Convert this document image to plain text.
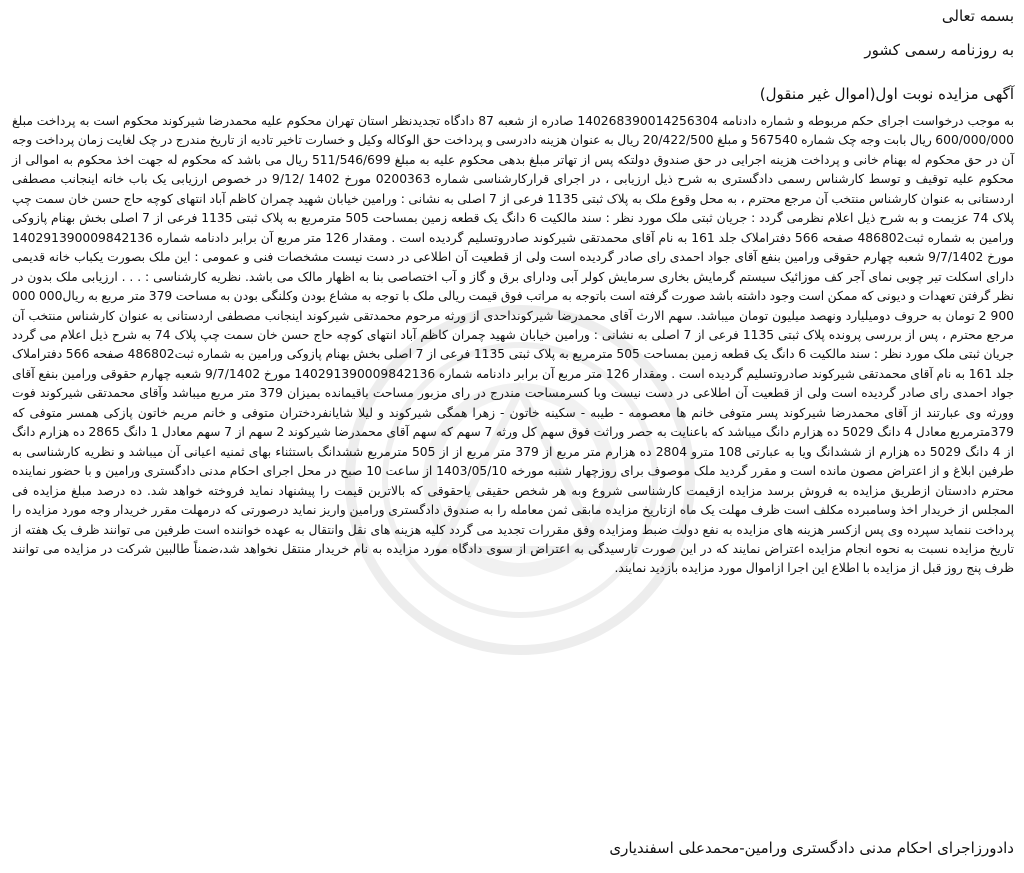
بسمه تعالی
به روزنامه رسمی کشور
آگهی مزایده نوبت اول(اموال غیر منقول)

به موجب درخواست اجرای حکم مربوطه و شماره دادنامه 140268390014256304 صادره از شعبه 87 دادگاه تجدیدنظر استان تهران محکوم علیه محمدرضا شیرکوند محکوم است به پرداخت مبلغ 600/000/000 ریال بابت وجه چک شماره 567540 و مبلغ 20/422/500 ریال به عنوان هزینه دادرسی و پرداخت حق الوکاله وکیل و خسارت تاخیر تادیه از تاریخ مندرج در چک لغایت زمان پرداخت وجه آن در حق محکوم له بهنام خانی و پرداخت هزینه اجرایی در حق صندوق دولتکه پس از تهاتر مبلغ بدهی محکوم علیه به مبلغ 511/546/699 ریال می باشد که محکوم له جهت اخذ محکوم به اموالی از محکوم علیه توقیف و توسط کارشناس رسمی دادگستری به شرح ذیل ارزیابی ، در اجرای قرارکارشناسی شماره 0200363 مورخ 1402 /9/12 در خصوص ارزیابی یک باب خانه اینجانب مصطفی اردستانی به عنوان کارشناس منتخب آن مرجع محترم ، به محل وقوع ملک به پلاک ثبتی 1135 فرعی از 7 اصلی به نشانی : ورامین خیابان شهید چمران کاظم آباد انتهای کوچه حاج حسن خان سمت چپ پلاک 74 عزیمت و به شرح ذیل اعلام نظرمی گردد : جریان ثبتی ملک مورد نظر : سند مالکیت 6 دانگ یک قطعه زمین بمساحت 505 مترمربع به پلاک ثبتی 1135 فرعی از 7 اصلی بخش بهنام پازوکی ورامین به شماره ثبت486802 صفحه 566 دفتراملاک جلد 161 به نام آقای محمدتقی شیرکوند صادروتسلیم گردیده است . ومقدار 126 متر مربع آن برابر دادنامه شماره 140291390009842136 مورخ 9/7/1402 شعبه چهارم حقوقی ورامین بنفع آقای جواد احمدی رای صادر گردیده است ولی از قطعیت آن اطلاعی در دست نیست مشخصات فنی و عمومی : این ملک بصورت یکباب خانه قدیمی دارای اسکلت تیر چوبی نمای آجر کف موزائیک سیستم گرمایش بخاری سرمایش کولر آبی ودارای برق و گاز و آب اختصاصی بنا به اظهار مالک می باشد. نظریه کارشناسی : . . . ارزیابی ملک بدون در نظر گرفتن تعهدات و دیونی که ممکن است وجود داشته باشد صورت گرفته است باتوجه به مراتب فوق قیمت ریالی ملک با توجه به مشاع بودن وکلنگی بودن به مساحت 379 متر مربع به ریال000 000 900 2 تومان به حروف دومیلیارد ونهصد میلیون تومان میباشد. سهم الارث آقای محمدرضا شیرکونداحدی از ورثه مرحوم محمدتقی شیرکوند اینجانب مصطفی اردستانی به عنوان کارشناس منتخب آن مرجع محترم ، پس از بررسی پرونده پلاک ثبتی 1135 فرعی از 7 اصلی به نشانی : ورامین خیابان شهید چمران کاظم آباد انتهای کوچه حاج حسن خان سمت چپ پلاک 74 به شرح ذیل اعلام می گردد جریان ثبتی ملک مورد نظر : سند مالکیت 6 دانگ یک قطعه زمین بمساحت 505 مترمربع به پلاک ثبتی 1135 فرعی از 7 اصلی بخش بهنام پازوکی ورامین به شماره ثبت486802 صفحه 566 دفتراملاک جلد 161 به نام آقای محمدتقی شیرکوند صادروتسلیم گردیده است . ومقدار 126 متر مربع آن برابر دادنامه شماره 140291390009842136 مورخ 9/7/1402 شعبه چهارم حقوقی ورامین بنفع آقای جواد احمدی رای صادر گردیده است ولی از قطعیت آن اطلاعی در دست نیست وبا کسرمساحت مندرج در رای مزبور مساحت باقیمانده بمیزان 379 متر مربع میباشد وآقای محمدتقی شیرکوند فوت وورثه وی عبارتند از آقای محمدرضا شیرکوند پسر متوفی خانم ها معصومه - طیبه - سکینه خاتون - زهرا همگی شیرکوند و لیلا شایانفردختران متوفی و خانم مریم خاتون پازکی همسر متوفی که 379مترمربع معادل 4 دانگ 5029 ده هزارم دانگ میباشد که باعنایت به حصر وراثت فوق سهم کل ورثه 7 سهم که سهم آقای محمدرضا شیرکوند 2 سهم از 7 سهم معادل 1 دانگ 2865 ده هزارم دانگ از 4 دانگ 5029 ده هزارم از ششدانگ ویا به عبارتی 108 مترو 2804 ده هزارم متر مربع از 379 متر مربع از از 505 مترمربع ششدانگ باستثناء بهای ثمنیه اعیانی آن میباشد و نظریه کارشناسی به طرفین ابلاغ و از اعتراض مصون مانده است و مقرر گردید ملک موصوف برای روزچهار شنبه مورخه 1403/05/10 از ساعت 10 صبح در محل اجرای احکام مدنی دادگستری ورامین و با حضور نماینده محترم دادستان ازطریق مزایده به فروش برسد مزایده ازقیمت کارشناسی شروع وبه هر شخص حقیقی یاحقوقی که بالاترین قیمت را پیشنهاد نماید فروخته خواهد شد. ده درصد مبلغ مزایده فی المجلس از خریدار اخذ وسامبرده مکلف است ظرف مهلت یک ماه ازتاریخ مزایده مابقی ثمن معامله را به صندوق دادگستری ورامین واریز نماید درصورتی که درمهلت مقرر خریدار وجه مورد مزایده را پرداخت ننماید سپرده وی پس ازکسر هزینه های مزایده به نفع دولت ضبط ومزایده وفق مقررات تجدید می گردد کلیه هزینه های نقل وانتقال به عهده خواننده است طرفین می توانند ظرف یک هفته از تاریخ مزایده نسبت به نحوه انجام مزایده اعتراض نمایند که در این صورت تارسیدگی به اعتراض از سوی دادگاه مورد مزایده به نام خریدار منتقل نخواهد شد،ضمناً طالبین شرکت در مزایده می توانند ظرف پنج روز قبل از مزایده با اطلاع این اجرا ازاموال مورد مزایده بازدید نمایند.

دادورزاجرای احکام مدنی دادگستری ورامین-محمدعلی اسفندیاری
